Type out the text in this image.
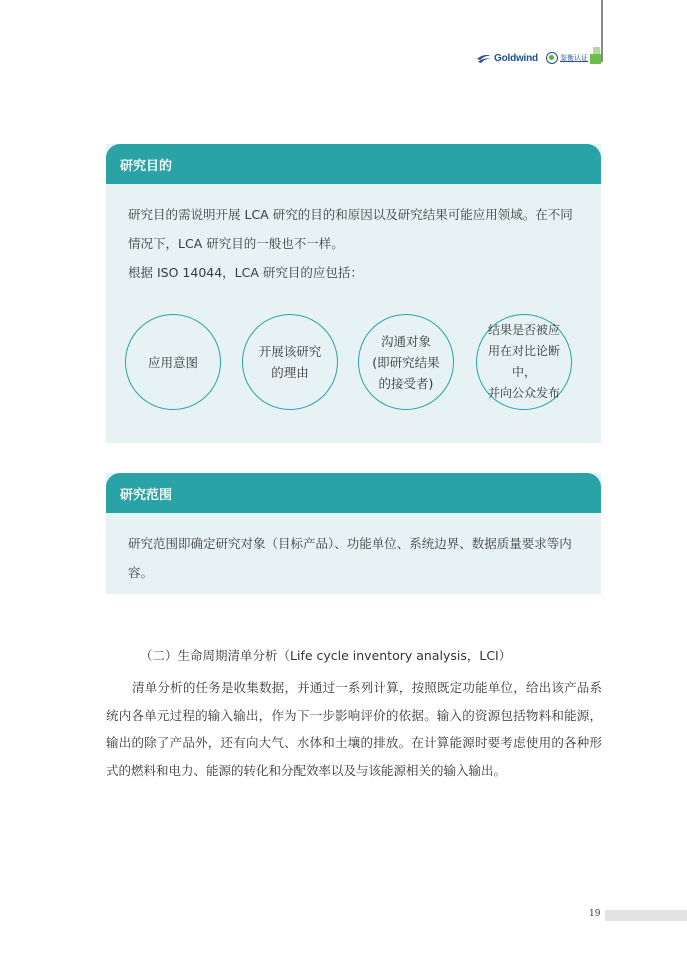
Goldwind	鉴衡认证
研究目的

研究目的需说明开展 LCA 研究的目的和原因以及研究结果可能应用领域。在不同情况下，LCA 研究目的一般也不一样。

根据 ISO 14044，LCA 研究目的应包括：

应用意图
开展该研究
的理由
沟通对象
(即研究结果
的接受者)
结果是否被应
用在对比论断中，
并向公众发布
研究范围

研究范围即确定研究对象（目标产品）、功能单位、系统边界、数据质量要求等内容。

（二）生命周期清单分析（Life cycle inventory analysis，LCI）

清单分析的任务是收集数据，并通过一系列计算，按照既定功能单位，给出该产品系统内各单元过程的输入输出，作为下一步影响评价的依据。输入的资源包括物料和能源，输出的除了产品外，还有向大气、水体和土壤的排放。在计算能源时要考虑使用的各种形式的燃料和电力、能源的转化和分配效率以及与该能源相关的输入输出。

19
